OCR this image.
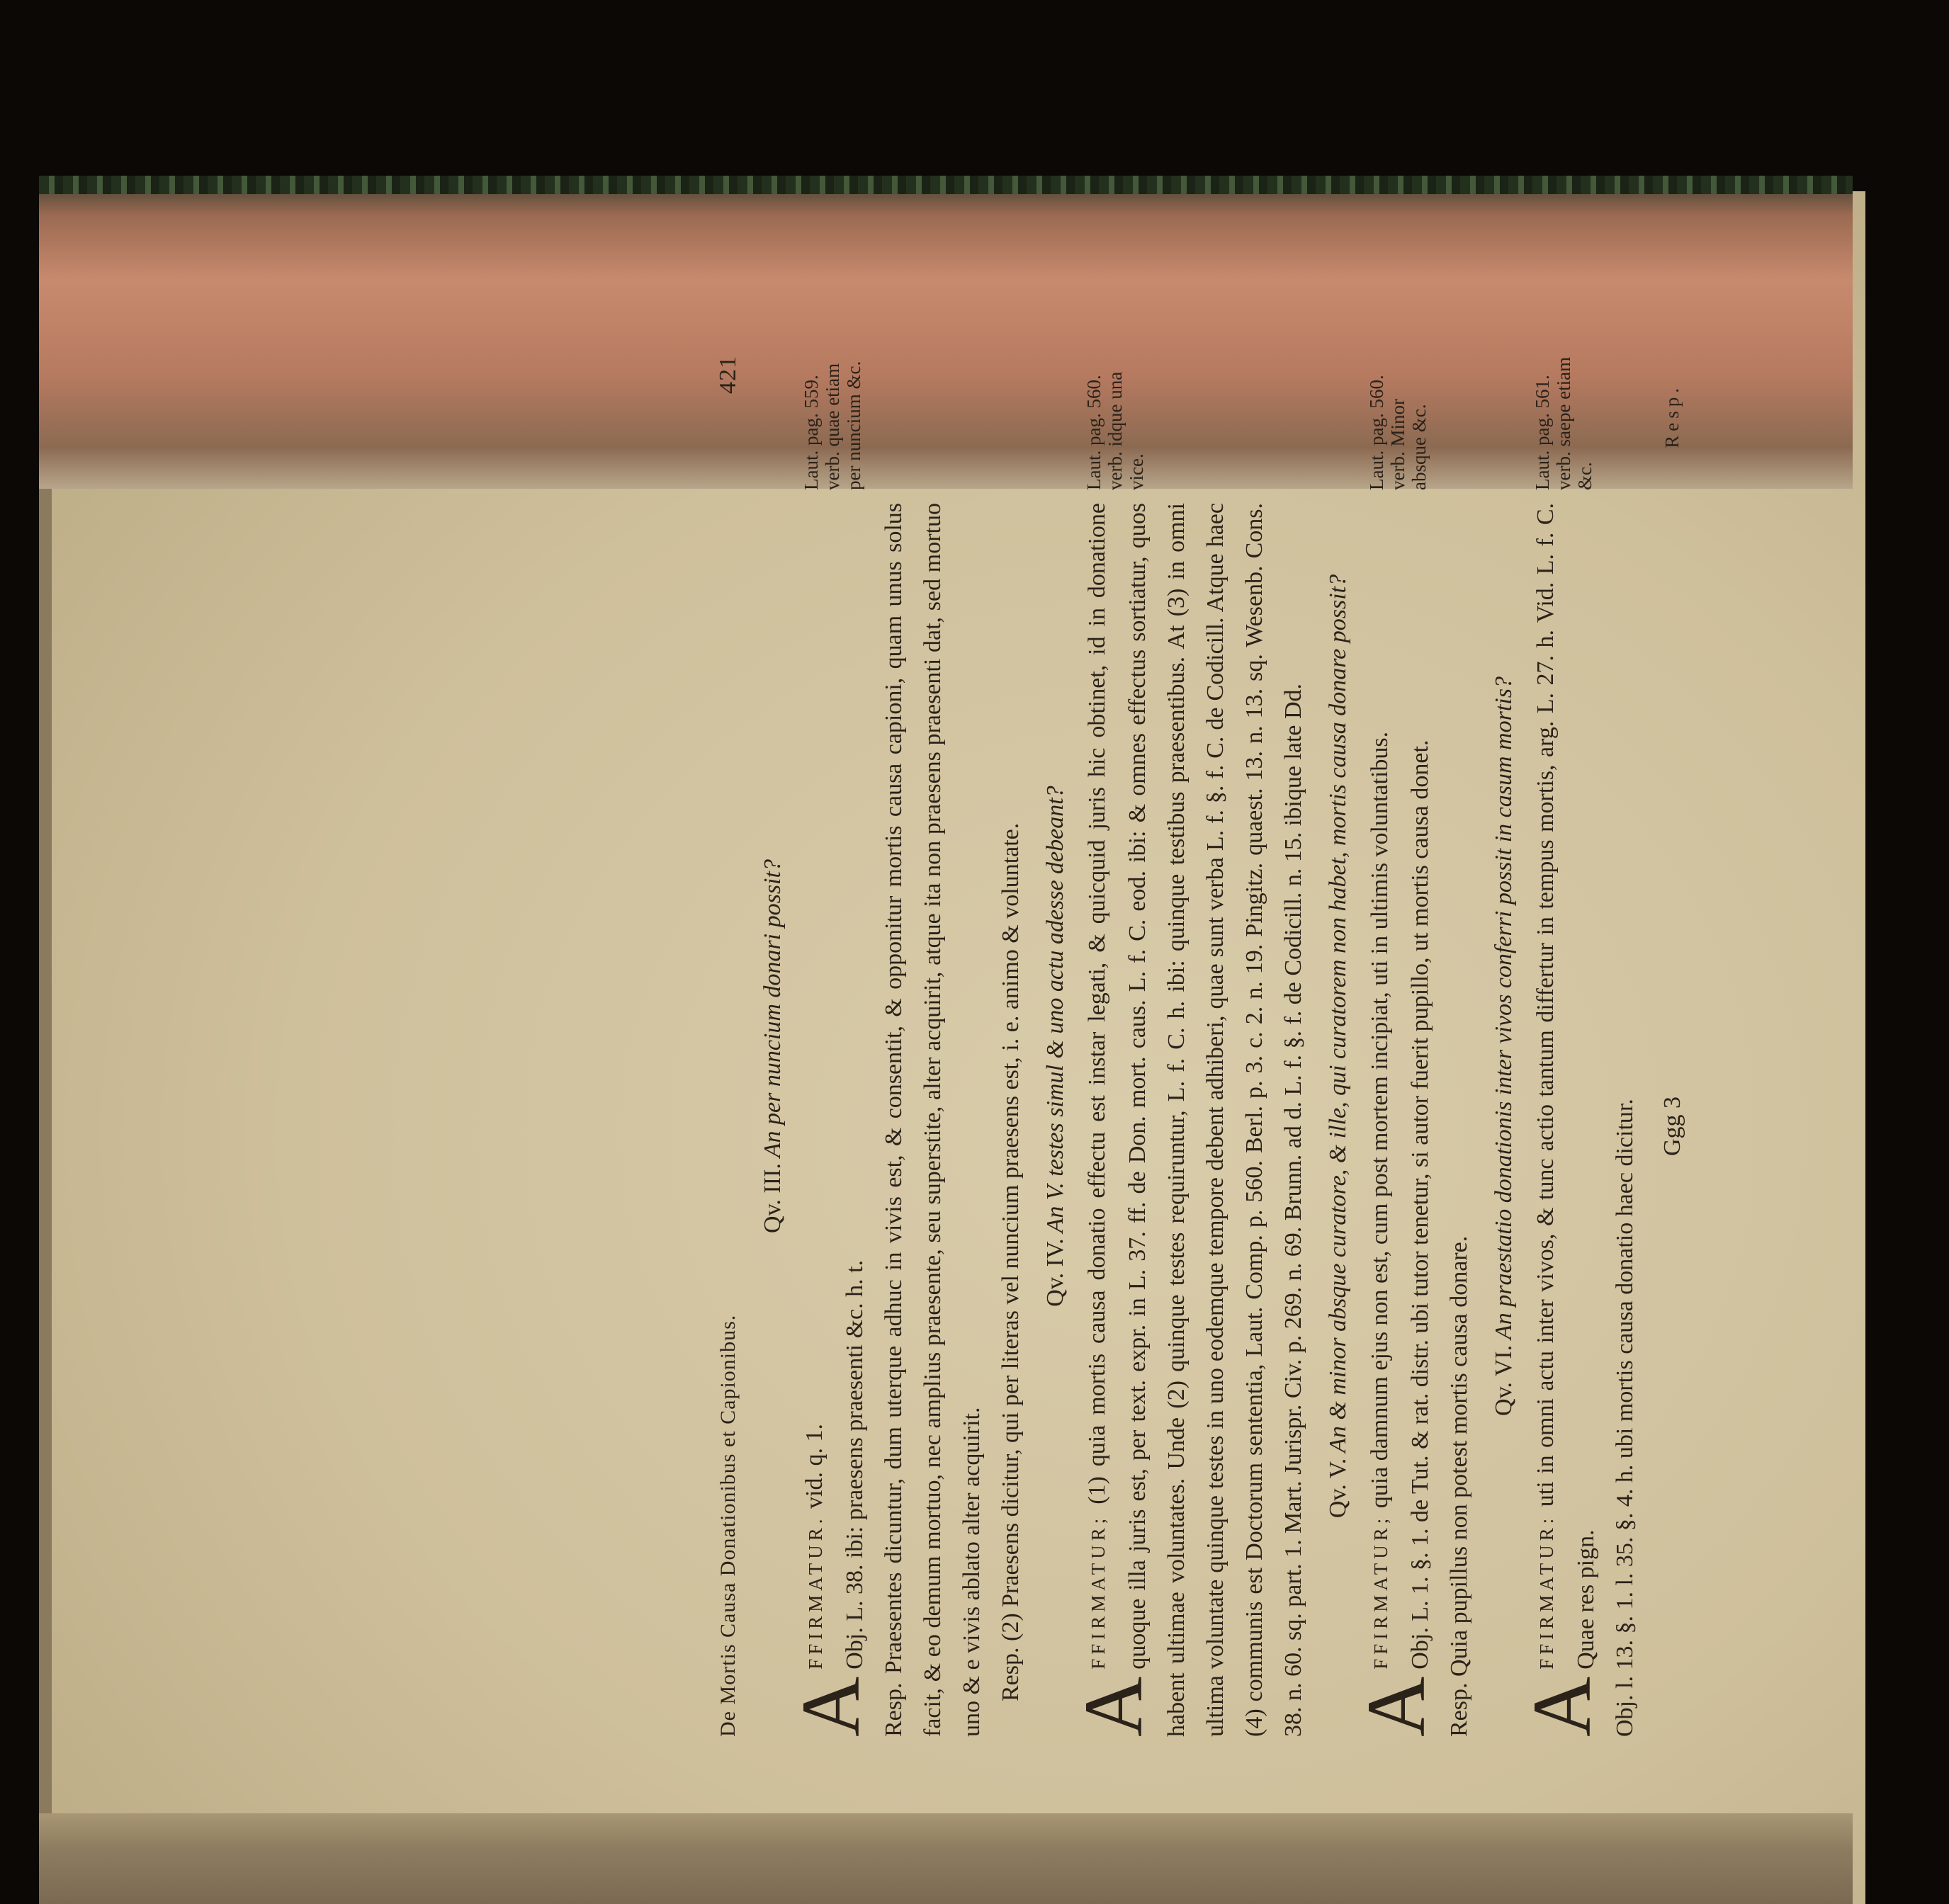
De Mortis Causa Donationibus et Capionibus.
421
Qv. III. An per nuncium donari possit?
A
FFIRMATUR. vid. q. 1. Obj. L. 38. ibi: praesens praesenti &c. h. t. Resp. Praesentes dicuntur, dum uterque adhuc in vivis est, & consentit, & opponitur mortis causa capioni, quam unus solus facit, & eo demum mortuo, nec amplius praesente, seu superstite, alter acquirit, atque ita non praesens praesenti dat, sed mortuo uno & e vivis ablato alter acquirit. Resp. (2) Praesens dicitur, qui per literas vel nuncium praesens est, i. e. animo & voluntate.
Laut. pag. 559. verb. quae etiam per nuncium &c.
Qv. IV. An V. testes simul & uno actu adesse debeant?
A
FFIRMATUR; (1) quia mortis causa donatio effectu est instar legati, & quicquid juris hic obtinet, id in donatione quoque illa juris est, per text. expr. in L. 37. ff. de Don. mort. caus. L. f. C. eod. ibi: & omnes effectus sortiatur, quos habent ultimae voluntates. Unde (2) quinque testes requiruntur, L. f. C. h. ibi: quinque testibus praesentibus. At (3) in omni ultima voluntate quinque testes in uno eodemque tempore debent adhiberi, quae sunt verba L. f. §. f. C. de Codicill. Atque haec (4) communis est Doctorum sententia, Laut. Comp. p. 560. Berl. p. 3. c. 2. n. 19. Pingitz. quaest. 13. n. 13. sq. Wesenb. Cons. 38. n. 60. sq. part. 1. Mart. Jurispr. Civ. p. 269. n. 69. Brunn. ad d. L. f. §. f. de Codicill. n. 15. ibique late Dd.
Laut. pag. 560. verb. idque una vice.
Qv. V. An & minor absque curatore, & ille, qui curatorem non habet, mortis causa donare possit?
A
FFIRMATUR; quia damnum ejus non est, cum post mortem incipiat, uti in ultimis voluntatibus. Obj. L. 1. §. 1. de Tut. & rat. distr. ubi tutor tenetur, si autor fuerit pupillo, ut mortis causa donet. Resp. Quia pupillus non potest mortis causa donare.
Laut. pag. 560. verb. Minor absque &c.
Qv. VI. An praestatio donationis inter vivos conferri possit in casum mortis?
A
FFIRMATUR: uti in omni actu inter vivos, & tunc actio tantum differtur in tempus mortis, arg. L. 27. h. Vid. L. f. C. Quae res pign. Obj. l. 13. §. 1. l. 35. §. 4. h. ubi mortis causa donatio haec dicitur.
Laut. pag. 561. verb. saepe etiam &c.
Ggg 3
Resp.
